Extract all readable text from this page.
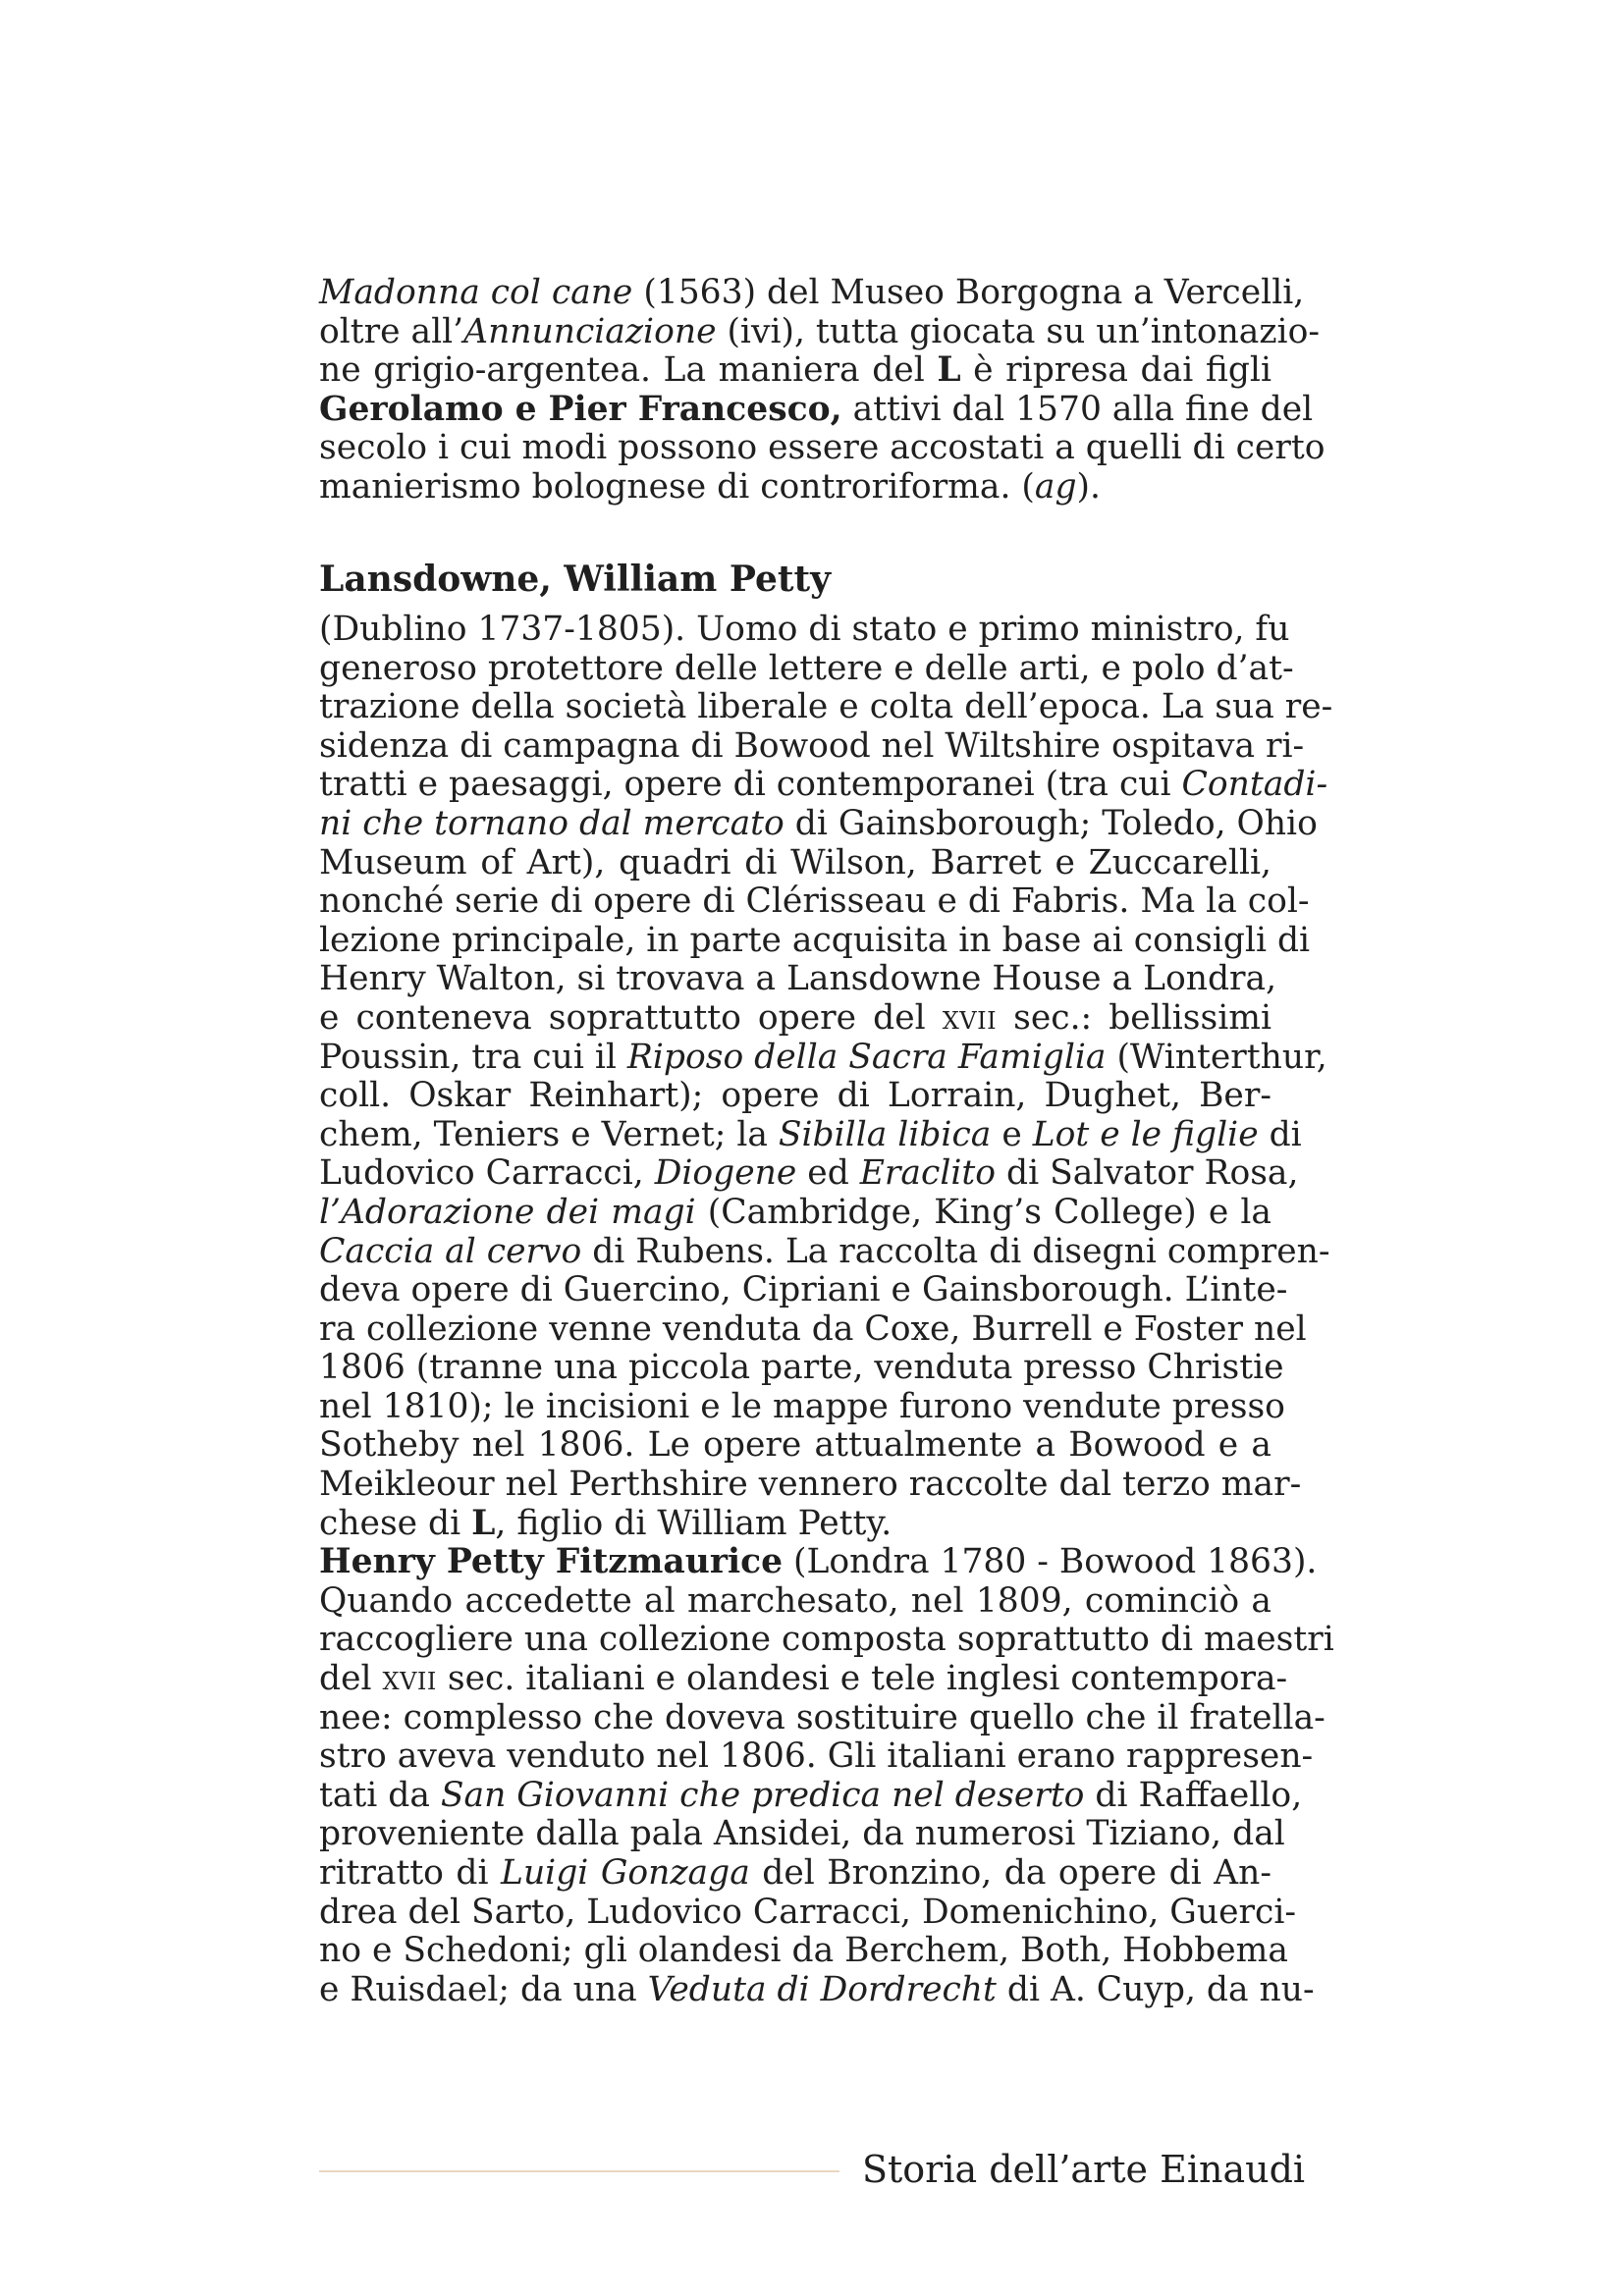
Madonna col cane (1563) del Museo Borgogna a Vercelli,
oltre all’Annunciazione (ivi), tutta giocata su un’intonazio-
ne grigio-argentea. La maniera del L è ripresa dai figli
Gerolamo e Pier Francesco, attivi dal 1570 alla fine del
secolo i cui modi possono essere accostati a quelli di certo
manierismo bolognese di controriforma. (ag).
Lansdowne, William Petty
(Dublino 1737-1805). Uomo di stato e primo ministro, fu
generoso protettore delle lettere e delle arti, e polo d’at-
trazione della società liberale e colta dell’epoca. La sua re-
sidenza di campagna di Bowood nel Wiltshire ospitava ri-
tratti e paesaggi, opere di contemporanei (tra cui Contadi-
ni che tornano dal mercato di Gainsborough; Toledo, Ohio
Museum of Art), quadri di Wilson, Barret e Zuccarelli,
nonché serie di opere di Clérisseau e di Fabris. Ma la col-
lezione principale, in parte acquisita in base ai consigli di
Henry Walton, si trovava a Lansdowne House a Londra,
e conteneva soprattutto opere del xvii sec.: bellissimi
Poussin, tra cui il Riposo della Sacra Famiglia (Winterthur,
coll. Oskar Reinhart); opere di Lorrain, Dughet, Ber-
chem, Teniers e Vernet; la Sibilla libica e Lot e le figlie di
Ludovico Carracci, Diogene ed Eraclito di Salvator Rosa,
l’Adorazione dei magi (Cambridge, King’s College) e la
Caccia al cervo di Rubens. La raccolta di disegni compren-
deva opere di Guercino, Cipriani e Gainsborough. L’inte-
ra collezione venne venduta da Coxe, Burrell e Foster nel
1806 (tranne una piccola parte, venduta presso Christie
nel 1810); le incisioni e le mappe furono vendute presso
Sotheby nel 1806. Le opere attualmente a Bowood e a
Meikleour nel Perthshire vennero raccolte dal terzo mar-
chese di L, figlio di William Petty.
Henry Petty Fitzmaurice (Londra 1780 - Bowood 1863).
Quando accedette al marchesato, nel 1809, cominciò a
raccogliere una collezione composta soprattutto di maestri
del xvii sec. italiani e olandesi e tele inglesi contempora-
nee: complesso che doveva sostituire quello che il fratella-
stro aveva venduto nel 1806. Gli italiani erano rappresen-
tati da San Giovanni che predica nel deserto di Raffaello,
proveniente dalla pala Ansidei, da numerosi Tiziano, dal
ritratto di Luigi Gonzaga del Bronzino, da opere di An-
drea del Sarto, Ludovico Carracci, Domenichino, Guerci-
no e Schedoni; gli olandesi da Berchem, Both, Hobbema
e Ruisdael; da una Veduta di Dordrecht di A. Cuyp, da nu-
Storia dell’arte Einaudi
